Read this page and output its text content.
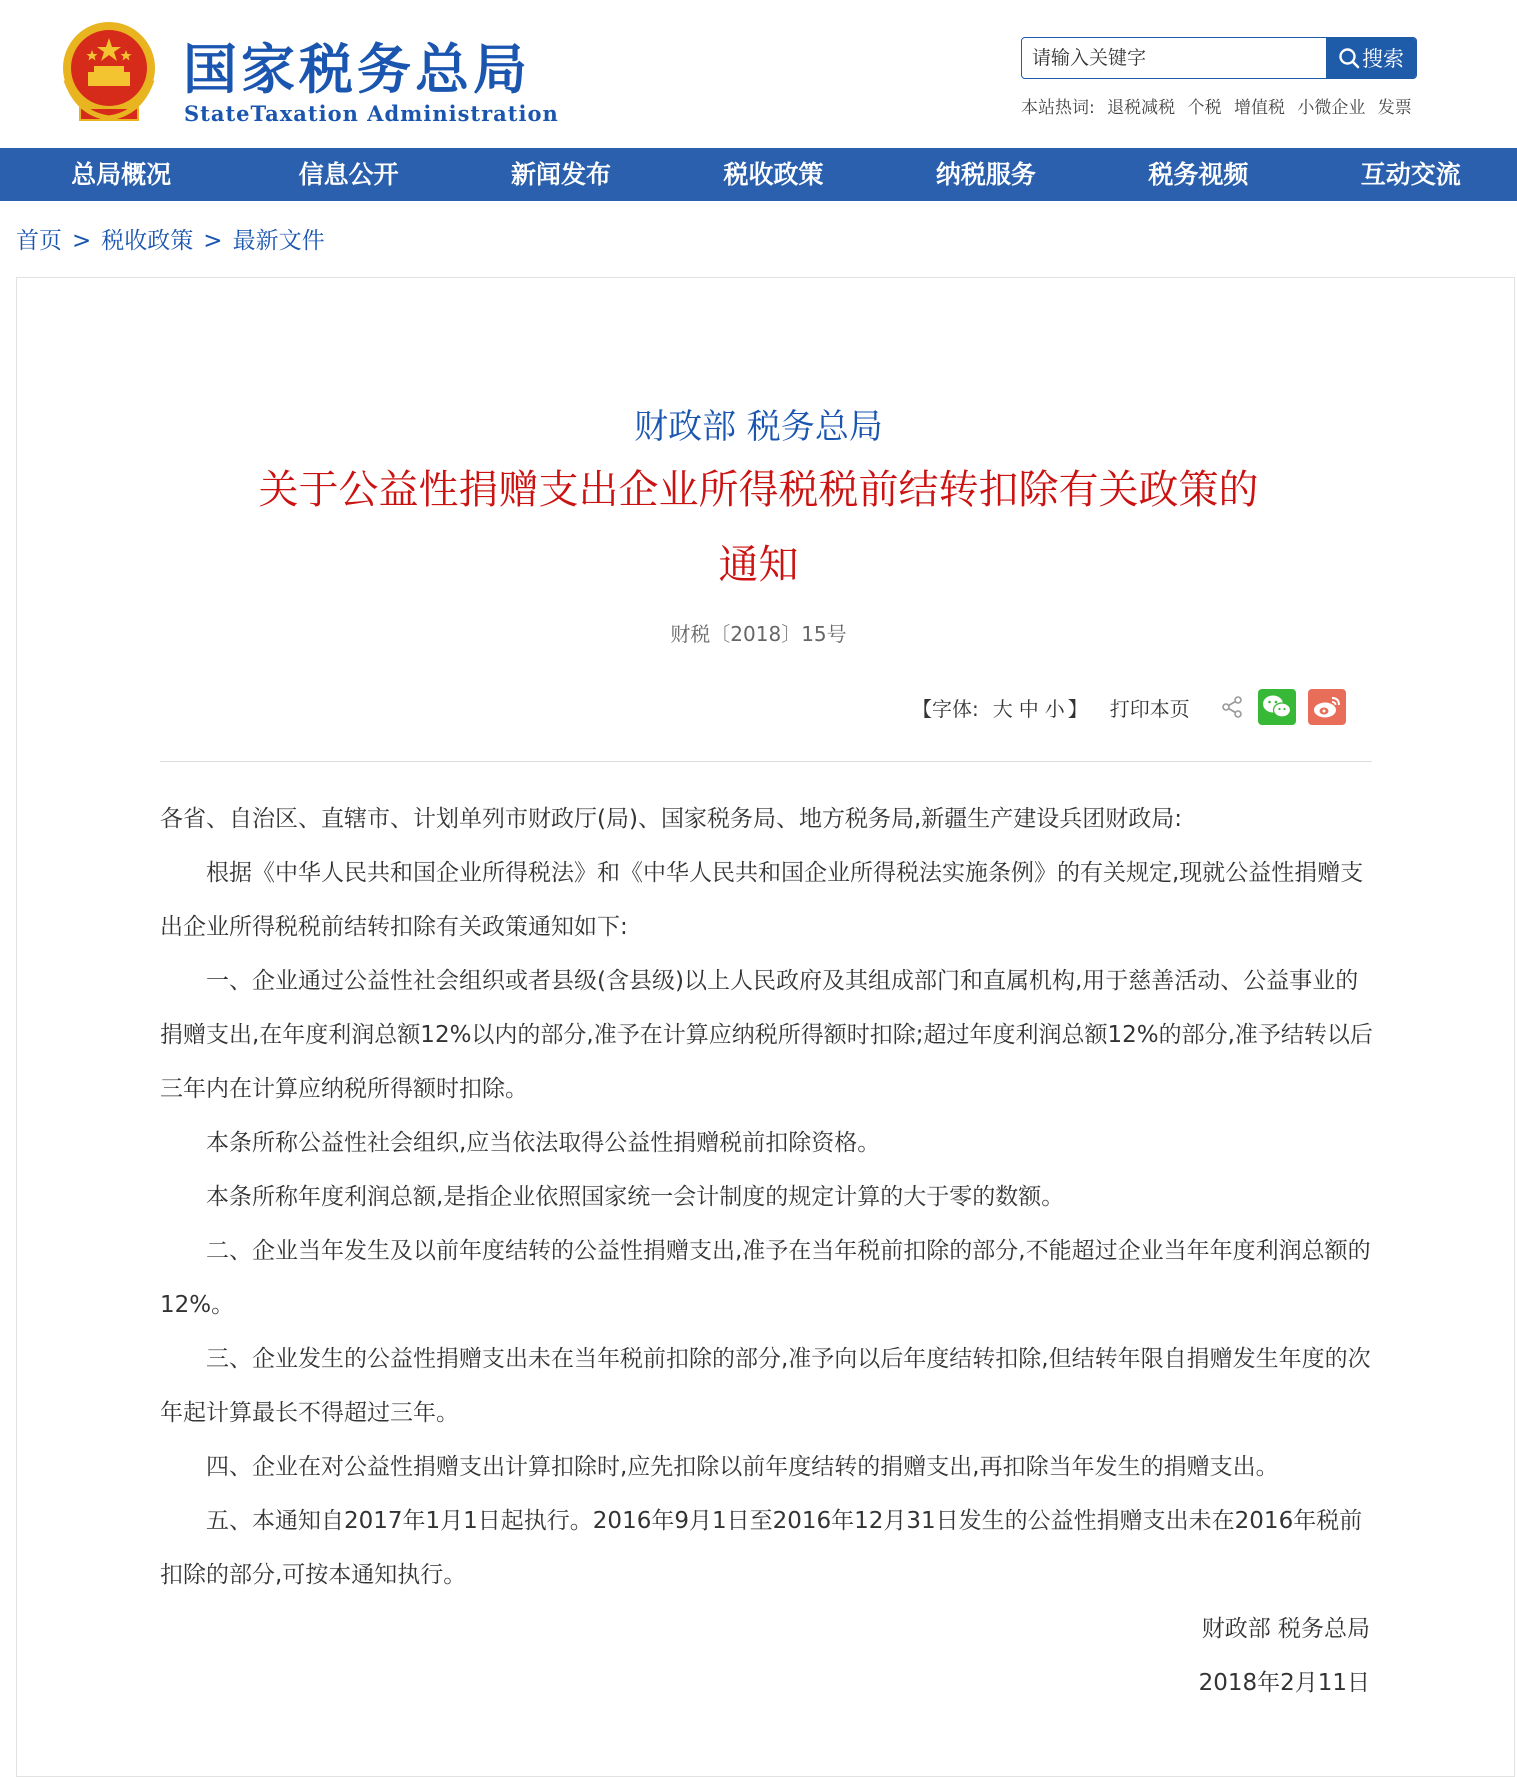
国家税务总局
StateTaxation Administration
请输入关键字
搜索
本站热词: 退税减税 个税 增值税 小微企业 发票
总局概况	信息公开	新闻发布	税收政策	纳税服务	税务视频	互动交流
首页 > 税收政策 > 最新文件
财政部 税务总局
关于公益性捐赠支出企业所得税税前结转扣除有关政策的
通知
财税〔2018〕15号
【字体: 大 中 小 】 打印本页

各省、自治区、直辖市、计划单列市财政厅(局)、国家税务局、地方税务局,新疆生产建设兵团财政局:

根据《中华人民共和国企业所得税法》和《中华人民共和国企业所得税法实施条例》的有关规定,现就公益性捐赠支出企业所得税税前结转扣除有关政策通知如下:

一、企业通过公益性社会组织或者县级(含县级)以上人民政府及其组成部门和直属机构,用于慈善活动、公益事业的捐赠支出,在年度利润总额12%以内的部分,准予在计算应纳税所得额时扣除;超过年度利润总额12%的部分,准予结转以后三年内在计算应纳税所得额时扣除。

本条所称公益性社会组织,应当依法取得公益性捐赠税前扣除资格。

本条所称年度利润总额,是指企业依照国家统一会计制度的规定计算的大于零的数额。

二、企业当年发生及以前年度结转的公益性捐赠支出,准予在当年税前扣除的部分,不能超过企业当年年度利润总额的12%。

三、企业发生的公益性捐赠支出未在当年税前扣除的部分,准予向以后年度结转扣除,但结转年限自捐赠发生年度的次年起计算最长不得超过三年。

四、企业在对公益性捐赠支出计算扣除时,应先扣除以前年度结转的捐赠支出,再扣除当年发生的捐赠支出。

五、本通知自2017年1月1日起执行。2016年9月1日至2016年12月31日发生的公益性捐赠支出未在2016年税前扣除的部分,可按本通知执行。

财政部 税务总局
2018年2月11日
